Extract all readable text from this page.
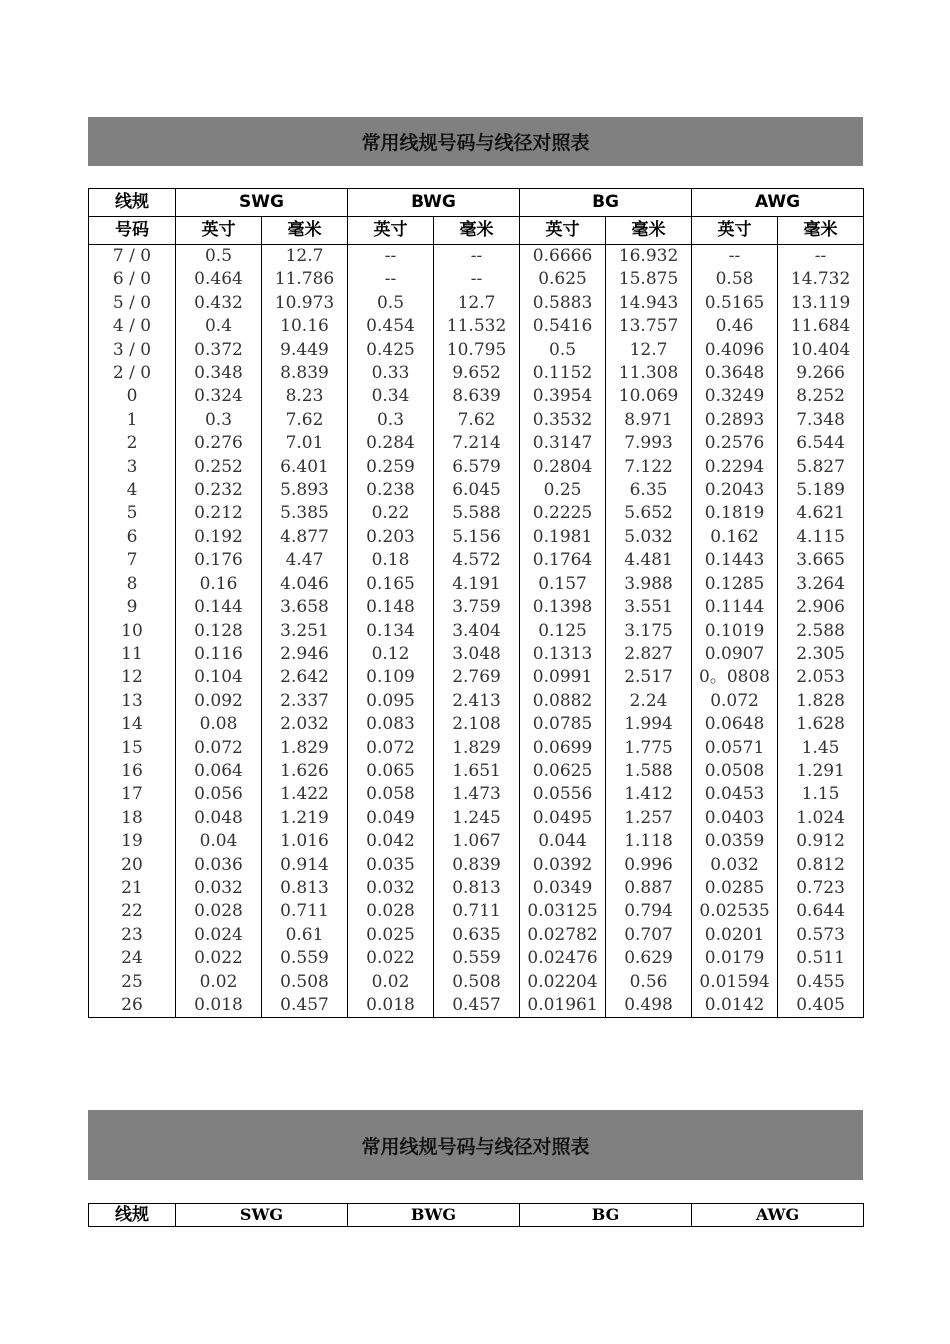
常用线规号码与线径对照表
线规	SWG		BWG		BG		AWG	
号码	英寸	毫米	英寸	毫米	英寸	毫米	英寸	毫米
7 / 0	0.5	12.7	--	--	0.6666	16.932	--	--
6 / 0	0.464	11.786	--	--	0.625	15.875	0.58	14.732
5 / 0	0.432	10.973	0.5	12.7	0.5883	14.943	0.5165	13.119
4 / 0	0.4	10.16	0.454	11.532	0.5416	13.757	0.46	11.684
3 / 0	0.372	9.449	0.425	10.795	0.5	12.7	0.4096	10.404
2 / 0	0.348	8.839	0.33	9.652	0.1152	11.308	0.3648	9.266
0	0.324	8.23	0.34	8.639	0.3954	10.069	0.3249	8.252
1	0.3	7.62	0.3	7.62	0.3532	8.971	0.2893	7.348
2	0.276	7.01	0.284	7.214	0.3147	7.993	0.2576	6.544
3	0.252	6.401	0.259	6.579	0.2804	7.122	0.2294	5.827
4	0.232	5.893	0.238	6.045	0.25	6.35	0.2043	5.189
5	0.212	5.385	0.22	5.588	0.2225	5.652	0.1819	4.621
6	0.192	4.877	0.203	5.156	0.1981	5.032	0.162	4.115
7	0.176	4.47	0.18	4.572	0.1764	4.481	0.1443	3.665
8	0.16	4.046	0.165	4.191	0.157	3.988	0.1285	3.264
9	0.144	3.658	0.148	3.759	0.1398	3.551	0.1144	2.906
10	0.128	3.251	0.134	3.404	0.125	3.175	0.1019	2.588
11	0.116	2.946	0.12	3.048	0.1313	2.827	0.0907	2.305
12	0.104	2.642	0.109	2.769	0.0991	2.517	0。0808	2.053
13	0.092	2.337	0.095	2.413	0.0882	2.24	0.072	1.828
14	0.08	2.032	0.083	2.108	0.0785	1.994	0.0648	1.628
15	0.072	1.829	0.072	1.829	0.0699	1.775	0.0571	1.45
16	0.064	1.626	0.065	1.651	0.0625	1.588	0.0508	1.291
17	0.056	1.422	0.058	1.473	0.0556	1.412	0.0453	1.15
18	0.048	1.219	0.049	1.245	0.0495	1.257	0.0403	1.024
19	0.04	1.016	0.042	1.067	0.044	1.118	0.0359	0.912
20	0.036	0.914	0.035	0.839	0.0392	0.996	0.032	0.812
21	0.032	0.813	0.032	0.813	0.0349	0.887	0.0285	0.723
22	0.028	0.711	0.028	0.711	0.03125	0.794	0.02535	0.644
23	0.024	0.61	0.025	0.635	0.02782	0.707	0.0201	0.573
24	0.022	0.559	0.022	0.559	0.02476	0.629	0.0179	0.511
25	0.02	0.508	0.02	0.508	0.02204	0.56	0.01594	0.455
26	0.018	0.457	0.018	0.457	0.01961	0.498	0.0142	0.405
常用线规号码与线径对照表
线规	SWG	BWG	BG	AWG
